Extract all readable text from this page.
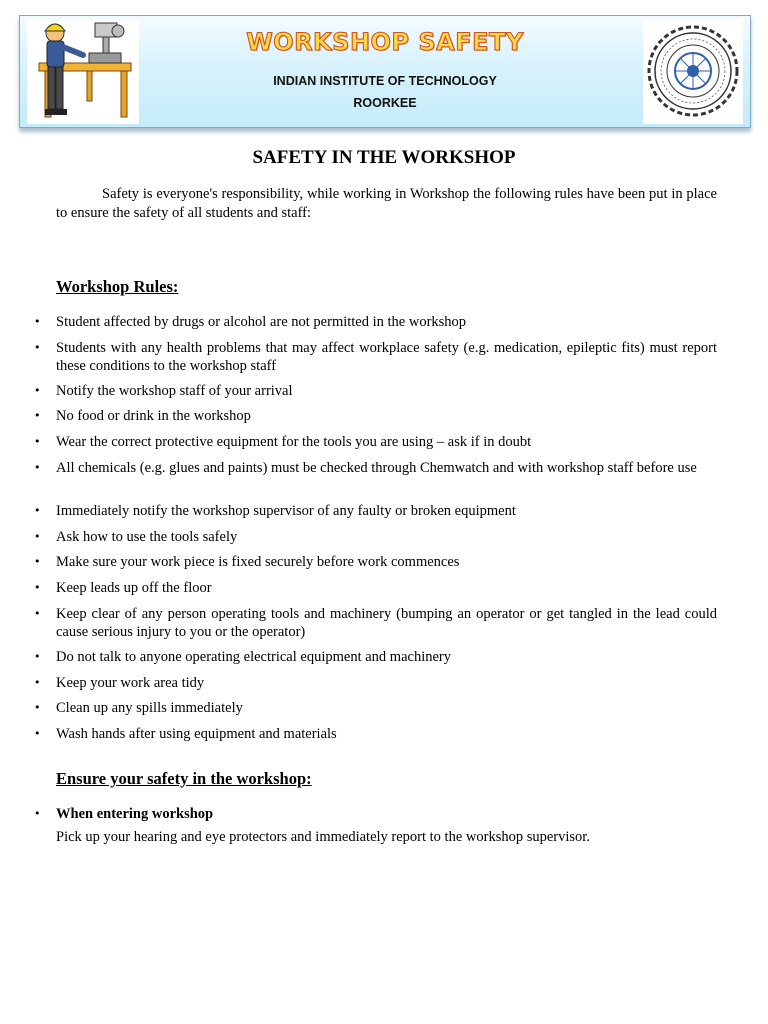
WORKSHOP SAFETY
INDIAN INSTITUTE OF TECHNOLOGY
ROORKEE
SAFETY IN THE WORKSHOP

Safety is everyone's responsibility, while working in Workshop the following rules have been put in place to ensure the safety of all students and staff:

Workshop Rules:
• Student affected by drugs or alcohol are not permitted in the workshop
• Students with any health problems that may affect workplace safety (e.g. medication, epileptic fits) must report these conditions to the workshop staff
• Notify the workshop staff of your arrival
• No food or drink in the workshop
• Wear the correct protective equipment for the tools you are using – ask if in doubt
• All chemicals (e.g. glues and paints) must be checked through Chemwatch and with workshop staff before use
• Immediately notify the workshop supervisor of any faulty or broken equipment
• Ask how to use the tools safely
• Make sure your work piece is fixed securely before work commences
• Keep leads up off the floor
• Keep clear of any person operating tools and machinery (bumping an operator or get tangled in the lead could cause serious injury to you or the operator)
• Do not talk to anyone operating electrical equipment and machinery
• Keep your work area tidy
• Clean up any spills immediately
• Wash hands after using equipment and materials
Ensure your safety in the workshop:
• When entering workshop
Pick up your hearing and eye protectors and immediately report to the workshop supervisor.
